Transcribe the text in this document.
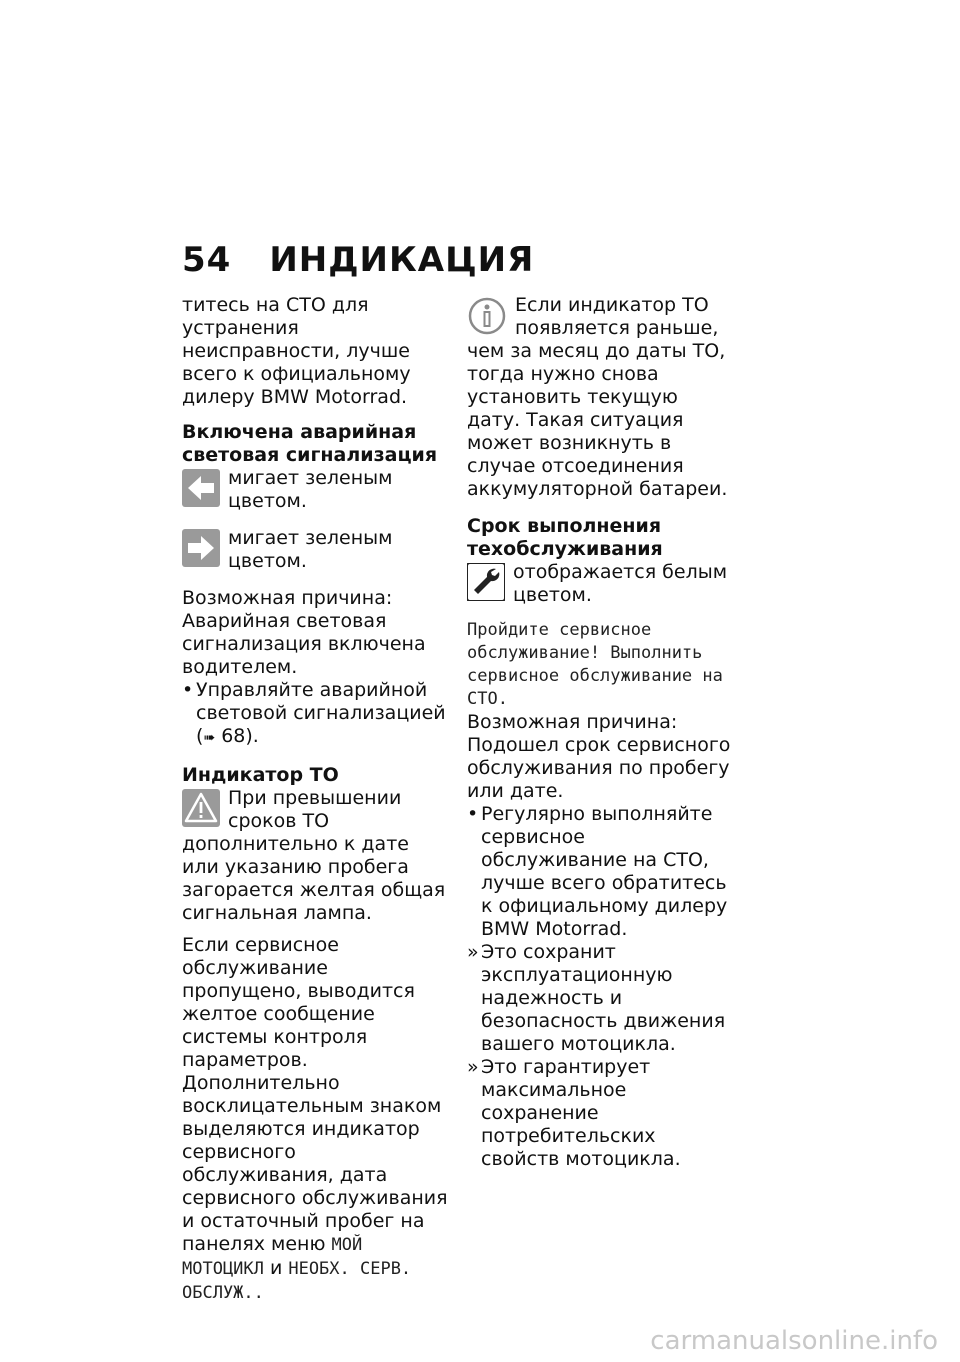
54 ИНДИКАЦИЯ

титесь на СТО для устранения неисправности, лучше всего к официальному дилеру BMW Motorrad.

Включена аварийная световая сигнализация
мигает зеленым цветом.
мигает зеленым цветом.

Возможная причина:

Аварийная световая сигнализация включена водителем.

• Управляйте аварийной световой сигнализацией (➠ 68).

Индикатор ТО

При превышении сроков ТО дополнительно к дате или указанию пробега загорается желтая общая сигнальная лампа.

Если сервисное обслуживание пропущено, выводится желтое сообщение системы контроля параметров. Дополнительно восклицательным знаком выделяются индикатор сервисного обслуживания, дата сервисного обслуживания и остаточный пробег на панелях меню МОЙ МОТОЦИКЛ и НЕОБХ. СЕРВ. ОБСЛУЖ..

Если индикатор ТО появляется раньше, чем за месяц до даты ТО, тогда нужно снова установить текущую дату. Такая ситуация может возникнуть в случае отсоединения аккумуляторной батареи.

Срок выполнения техобслуживания
отображается белым цветом.

Пройдите сервисное обслуживание! Выполнить сервисное обслуживание на СТО.

Возможная причина:

Подошел срок сервисного обслуживания по пробегу или дате.

• Регулярно выполняйте сервисное обслуживание на СТО, лучше всего обратитесь к официальному дилеру BMW Motorrad.

» Это сохранит эксплуатационную надежность и безопасность движения вашего мотоцикла.

» Это гарантирует максимальное сохранение потребительских свойств мотоцикла.

carmanualsonline.info
